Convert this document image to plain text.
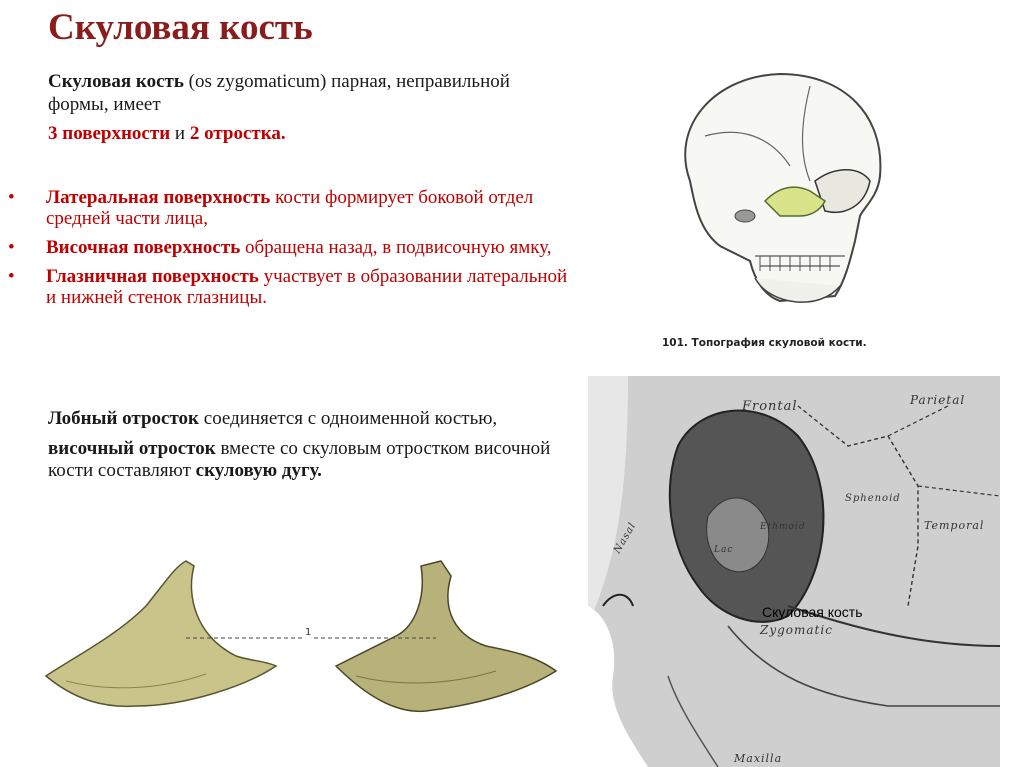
Скуловая кость
Скуловая кость (os zygomaticum) парная, неправильной формы, имеет
3 поверхности и 2 отростка.
• Латеральная поверхность кости формирует боковой отдел средней части лица,
• Височная поверхность обращена назад, в подвисочную ямку,
• Глазничная поверхность участвует в образовании латеральной и нижней стенок глазницы.

Лобный отросток соединяется с одноименной костью,

височный отросток вместе со скуловым отростком височной кости составляют скуловую дугу.

101. Топография скуловой кости.
Frontal	Parietal
Sphenoid
Temporal
Ethmoid
Lac
Nasal
Zygomatic
Maxilla
Скуловая кость
1
